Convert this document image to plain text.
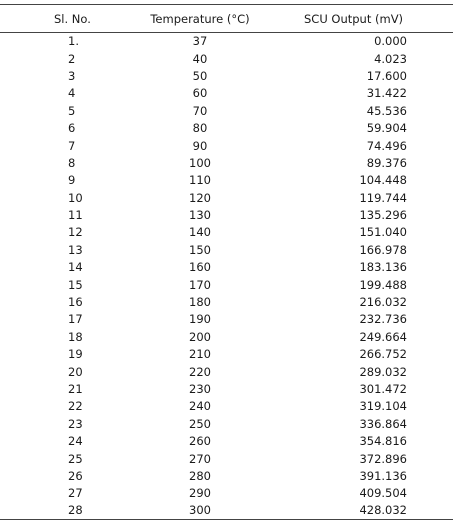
Sl. No.	Temperature (°C)	SCU Output (mV)
1.	37	0.000
2	40	4.023
3	50	17.600
4	60	31.422
5	70	45.536
6	80	59.904
7	90	74.496
8	100	89.376
9	110	104.448
10	120	119.744
11	130	135.296
12	140	151.040
13	150	166.978
14	160	183.136
15	170	199.488
16	180	216.032
17	190	232.736
18	200	249.664
19	210	266.752
20	220	289.032
21	230	301.472
22	240	319.104
23	250	336.864
24	260	354.816
25	270	372.896
26	280	391.136
27	290	409.504
28	300	428.032
